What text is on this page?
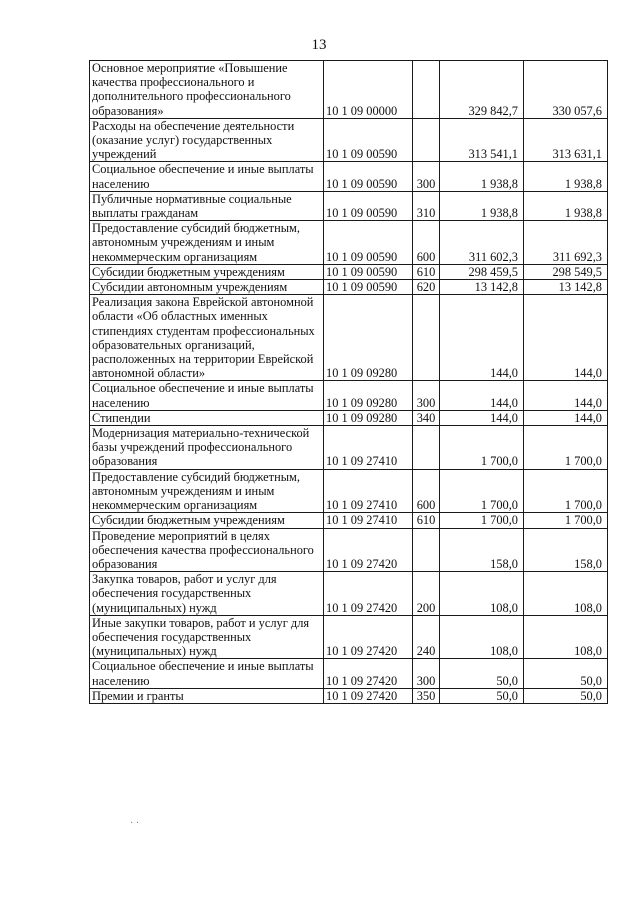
13
Основное мероприятие «Повышение качества профессионального и дополнительного профессионального образования»	10 1 09 00000		329 842,7	330 057,6
Расходы на обеспечение деятельности (оказание услуг) государственных учреждений	10 1 09 00590		313 541,1	313 631,1
Социальное обеспечение и иные выплаты населению	10 1 09 00590	300	1 938,8	1 938,8
Публичные нормативные социальные выплаты гражданам	10 1 09 00590	310	1 938,8	1 938,8
Предоставление субсидий бюджетным, автономным учреждениям и иным некоммерческим организациям	10 1 09 00590	600	311 602,3	311 692,3
Субсидии бюджетным учреждениям	10 1 09 00590	610	298 459,5	298 549,5
Субсидии автономным учреждениям	10 1 09 00590	620	13 142,8	13 142,8
Реализация закона Еврейской автономной области «Об областных именных стипендиях студентам профессиональных образовательных организаций, расположенных на территории Еврейской автономной области»	10 1 09 09280		144,0	144,0
Социальное обеспечение и иные выплаты населению	10 1 09 09280	300	144,0	144,0
Стипендии	10 1 09 09280	340	144,0	144,0
Модернизация материально-технической базы учреждений профессионального образования	10 1 09 27410		1 700,0	1 700,0
Предоставление субсидий бюджетным, автономным учреждениям и иным некоммерческим организациям	10 1 09 27410	600	1 700,0	1 700,0
Субсидии бюджетным учреждениям	10 1 09 27410	610	1 700,0	1 700,0
Проведение мероприятий в целях обеспечения качества профессионального образования	10 1 09 27420		158,0	158,0
Закупка товаров, работ и услуг для обеспечения государственных (муниципальных) нужд	10 1 09 27420	200	108,0	108,0
Иные закупки товаров, работ и услуг для обеспечения государственных (муниципальных) нужд	10 1 09 27420	240	108,0	108,0
Социальное обеспечение и иные выплаты населению	10 1 09 27420	300	50,0	50,0
Премии и гранты	10 1 09 27420	350	50,0	50,0
· ·
